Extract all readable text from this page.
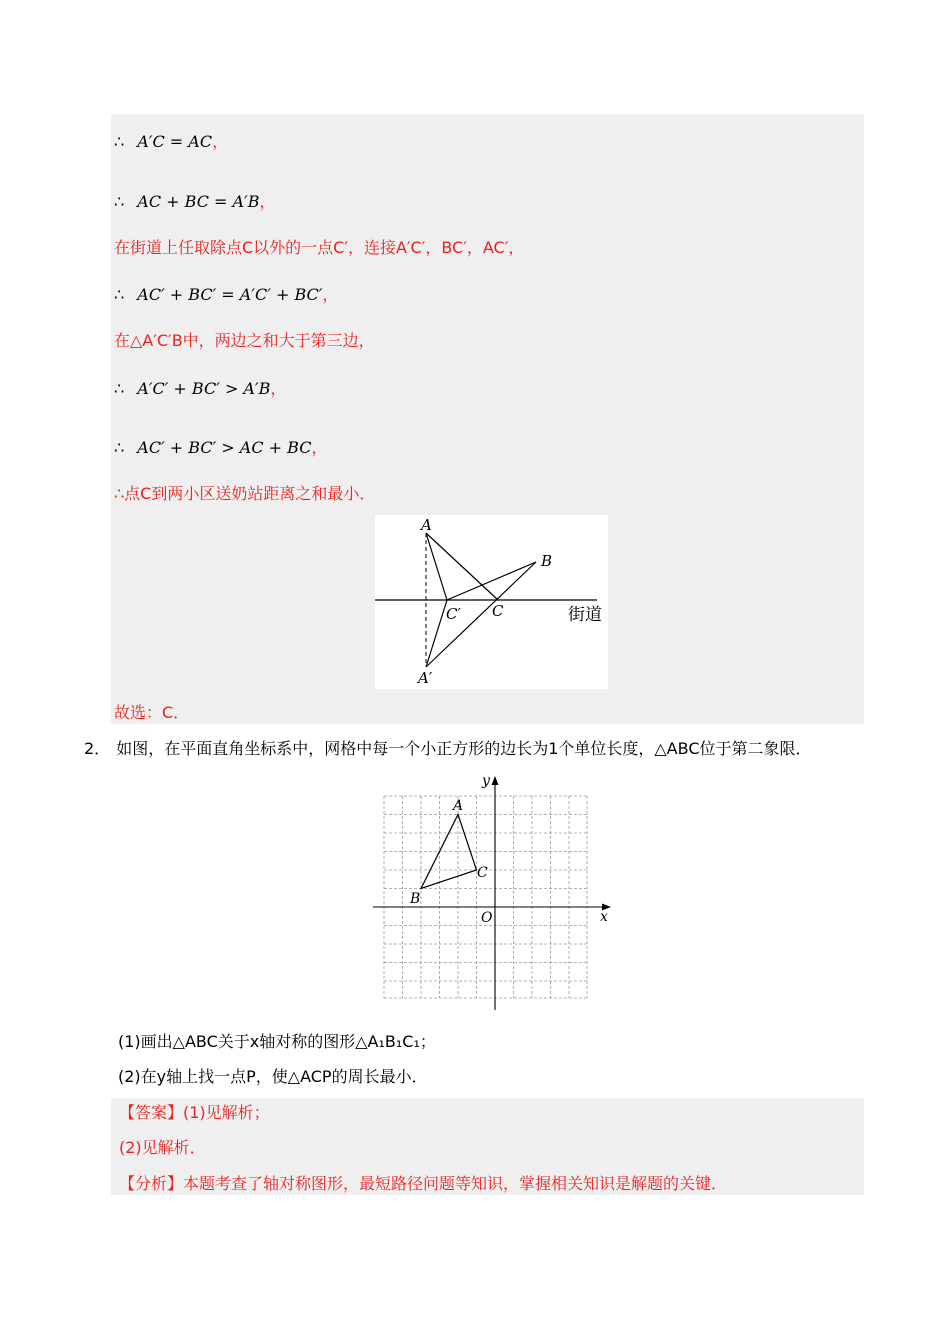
∴ A′C = AC，
∴ AC + BC = A′B，
在街道上任取除点C以外的一点C′，连接A′C′，BC′，AC′，
∴ AC′ + BC′ = A′C′ + BC′，
在△A′C′B中，两边之和大于第三边，
∴ A′C′ + BC′ > A′B，
∴ AC′ + BC′ > AC + BC，
∴点C到两小区送奶站距离之和最小．
A
B
C
C′
A′
街道
故选：C．
2． 如图，在平面直角坐标系中，网格中每一个小正方形的边长为1个单位长度，△ABC位于第二象限．
A
B
C
O	x
y
(1)画出△ABC关于x轴对称的图形△A₁B₁C₁；
(2)在y轴上找一点P，使△ACP的周长最小．
【答案】(1)见解析；
(2)见解析．
【分析】本题考查了轴对称图形，最短路径问题等知识，掌握相关知识是解题的关键．
